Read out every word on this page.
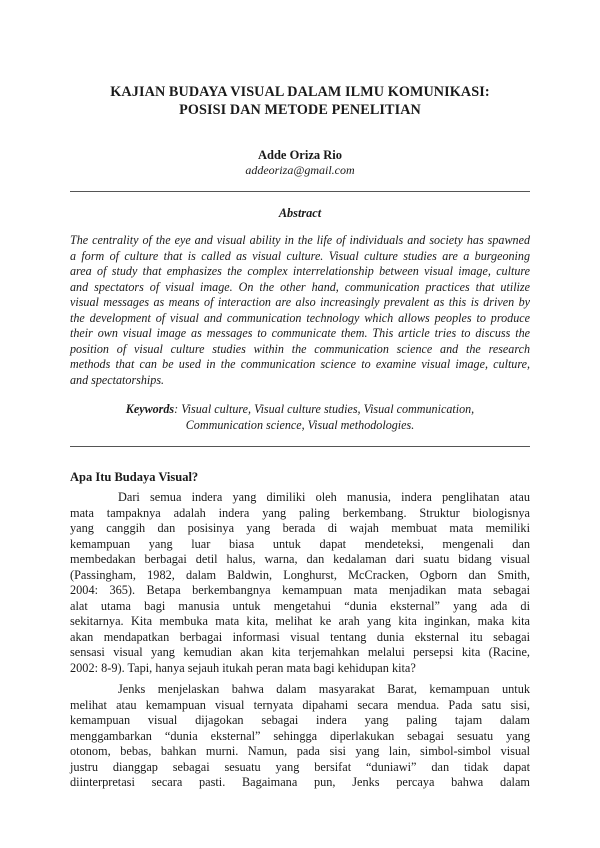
KAJIAN BUDAYA VISUAL DALAM ILMU KOMUNIKASI:
POSISI DAN METODE PENELITIAN
Adde Oriza Rio
addeoriza@gmail.com
Abstract
The centrality of the eye and visual ability in the life of individuals and society has spawned
a form of culture that is called as visual culture. Visual culture studies are a burgeoning
area of study that emphasizes the complex interrelationship between visual image, culture
and spectators of visual image. On the other hand, communication practices that utilize
visual messages as means of interaction are also increasingly prevalent as this is driven by
the development of visual and communication technology which allows peoples to produce
their own visual image as messages to communicate them. This article tries to discuss the
position of visual culture studies within the communication science and the research
methods that can be used in the communication science to examine visual image, culture,
and spectatorships.
Keywords: Visual culture, Visual culture studies, Visual communication,
Communication science, Visual methodologies.
Apa Itu Budaya Visual?
Dari semua indera yang dimiliki oleh manusia, indera penglihatan atau
mata tampaknya adalah indera yang paling berkembang. Struktur biologisnya
yang canggih dan posisinya yang berada di wajah membuat mata memiliki
kemampuan yang luar biasa untuk dapat mendeteksi, mengenali dan
membedakan berbagai detil halus, warna, dan kedalaman dari suatu bidang visual
(Passingham, 1982, dalam Baldwin, Longhurst, McCracken, Ogborn dan Smith,
2004: 365). Betapa berkembangnya kemampuan mata menjadikan mata sebagai
alat utama bagi manusia untuk mengetahui “dunia eksternal” yang ada di
sekitarnya. Kita membuka mata kita, melihat ke arah yang kita inginkan, maka kita
akan mendapatkan berbagai informasi visual tentang dunia eksternal itu sebagai
sensasi visual yang kemudian akan kita terjemahkan melalui persepsi kita (Racine,
2002: 8-9). Tapi, hanya sejauh itukah peran mata bagi kehidupan kita?
Jenks menjelaskan bahwa dalam masyarakat Barat, kemampuan untuk
melihat atau kemampuan visual ternyata dipahami secara mendua. Pada satu sisi,
kemampuan visual dijagokan sebagai indera yang paling tajam dalam
menggambarkan “dunia eksternal” sehingga diperlakukan sebagai sesuatu yang
otonom, bebas, bahkan murni. Namun, pada sisi yang lain, simbol-simbol visual
justru dianggap sebagai sesuatu yang bersifat “duniawi” dan tidak dapat
diinterpretasi secara pasti. Bagaimana pun, Jenks percaya bahwa dalam
